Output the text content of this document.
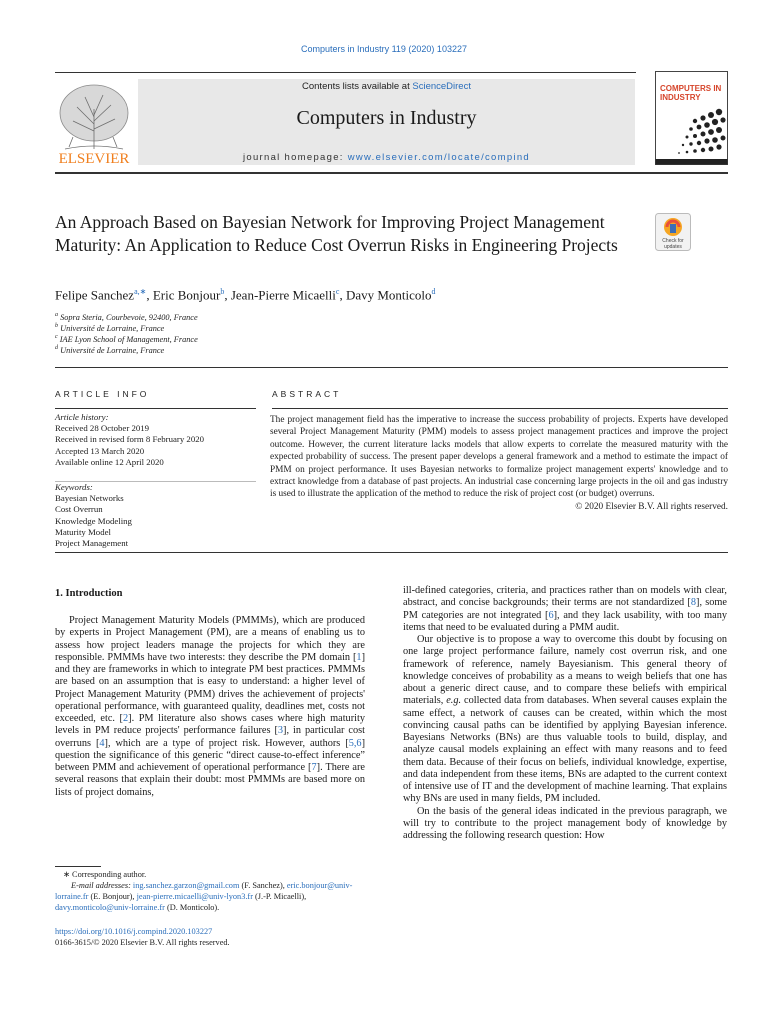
Computers in Industry 119 (2020) 103227
ELSEVIER
Contents lists available at ScienceDirect
Computers in Industry
journal homepage: www.elsevier.com/locate/compind
COMPUTERS IN
INDUSTRY
An Approach Based on Bayesian Network for Improving Project Management Maturity: An Application to Reduce Cost Overrun Risks in Engineering Projects	Check for
updates
Felipe Sanchez$^{a,∗}$, Eric Bonjour$^b$, Jean-Pierre Micaelli$^c$, Davy Monticolo$^d$
$^a$ Sopra Steria, Courbevoie, 92400, France
$^b$ Université de Lorraine, France
$^c$ IAE Lyon School of Management, France
$^d$ Université de Lorraine, France
ARTICLE INFO	ABSTRACT
Article history:
Received 28 October 2019
Received in revised form 8 February 2020
Accepted 13 March 2020
Available online 12 April 2020
Keywords:
Bayesian Networks
Cost Overrun
Knowledge Modeling
Maturity Model
Project Management
The project management field has the imperative to increase the success probability of projects. Experts have developed several Project Management Maturity (PMM) models to assess project management practices and improve the project outcome. However, the current literature lacks models that allow experts to correlate the measured maturity with the expected probability of success. The present paper develops a general framework and a method to estimate the impact of PMM on project performance. It uses Bayesian networks to formalize project management experts' knowledge and to extract knowledge from a database of past projects. An industrial case concerning large projects in the oil and gas industry is used to illustrate the application of the method to reduce the risk of project cost (or budget) overruns.
© 2020 Elsevier B.V. All rights reserved.
1. Introduction

Project Management Maturity Models (PMMMs), which are produced by experts in Project Management (PM), are a means of enabling us to assess how project leaders manage the projects for which they are responsible. PMMMs have two interests: they describe the PM domain [1] and they are frameworks in which to integrate PM best practices. PMMMs are based on an assumption that is easy to understand: a higher level of Project Management Maturity (PMM) drives the achievement of projects' operational performance, with guaranteed quality, deadlines met, costs not exceeded, etc. [2]. PM literature also shows cases where high maturity levels in PM reduce projects' performance failures [3], in particular cost overruns [4], which are a type of project risk. However, authors [5,6] question the significance of this generic “direct cause-to-effect inference” between PMM and achievement of operational performance [7]. There are several reasons that explain their doubt: most PMMMs are based more on lists of project domains,

ill-defined categories, criteria, and practices rather than on models with clear, abstract, and concise backgrounds; their terms are not standardized [8], some PM categories are not integrated [6], and they lack usability, with too many items that need to be evaluated during a PMM audit.

Our objective is to propose a way to overcome this doubt by focusing on one large project performance failure, namely cost overrun risk, and one framework of reference, namely Bayesianism. This general theory of knowledge conceives of probability as a means to weigh beliefs that one has about a generic direct cause, and to compare these beliefs with empirical materials, e.g. collected data from databases. When several causes explain the same effect, a network of causes can be created, within which the most convincing causal paths can be identified by applying Bayesian inference. Bayesians Networks (BNs) are thus valuable tools to build, display, and analyze causal models explaining an effect with many reasons and to feed them data. Because of their focus on beliefs, individual knowledge, expertise, and data independent from these items, BNs are adapted to the current context of intensive use of IT and the development of machine learning. That explains why BNs are used in many fields, PM included.

On the basis of the general ideas indicated in the previous paragraph, we will try to contribute to the project management body of knowledge by addressing the following research question: How

∗ Corresponding author.
E-mail addresses: ing.sanchez.garzon@gmail.com (F. Sanchez), eric.bonjour@univ-lorraine.fr (E. Bonjour), jean-pierre.micaelli@univ-lyon3.fr (J.-P. Micaelli), davy.monticolo@univ-lorraine.fr (D. Monticolo).
https://doi.org/10.1016/j.compind.2020.103227
0166-3615/© 2020 Elsevier B.V. All rights reserved.
